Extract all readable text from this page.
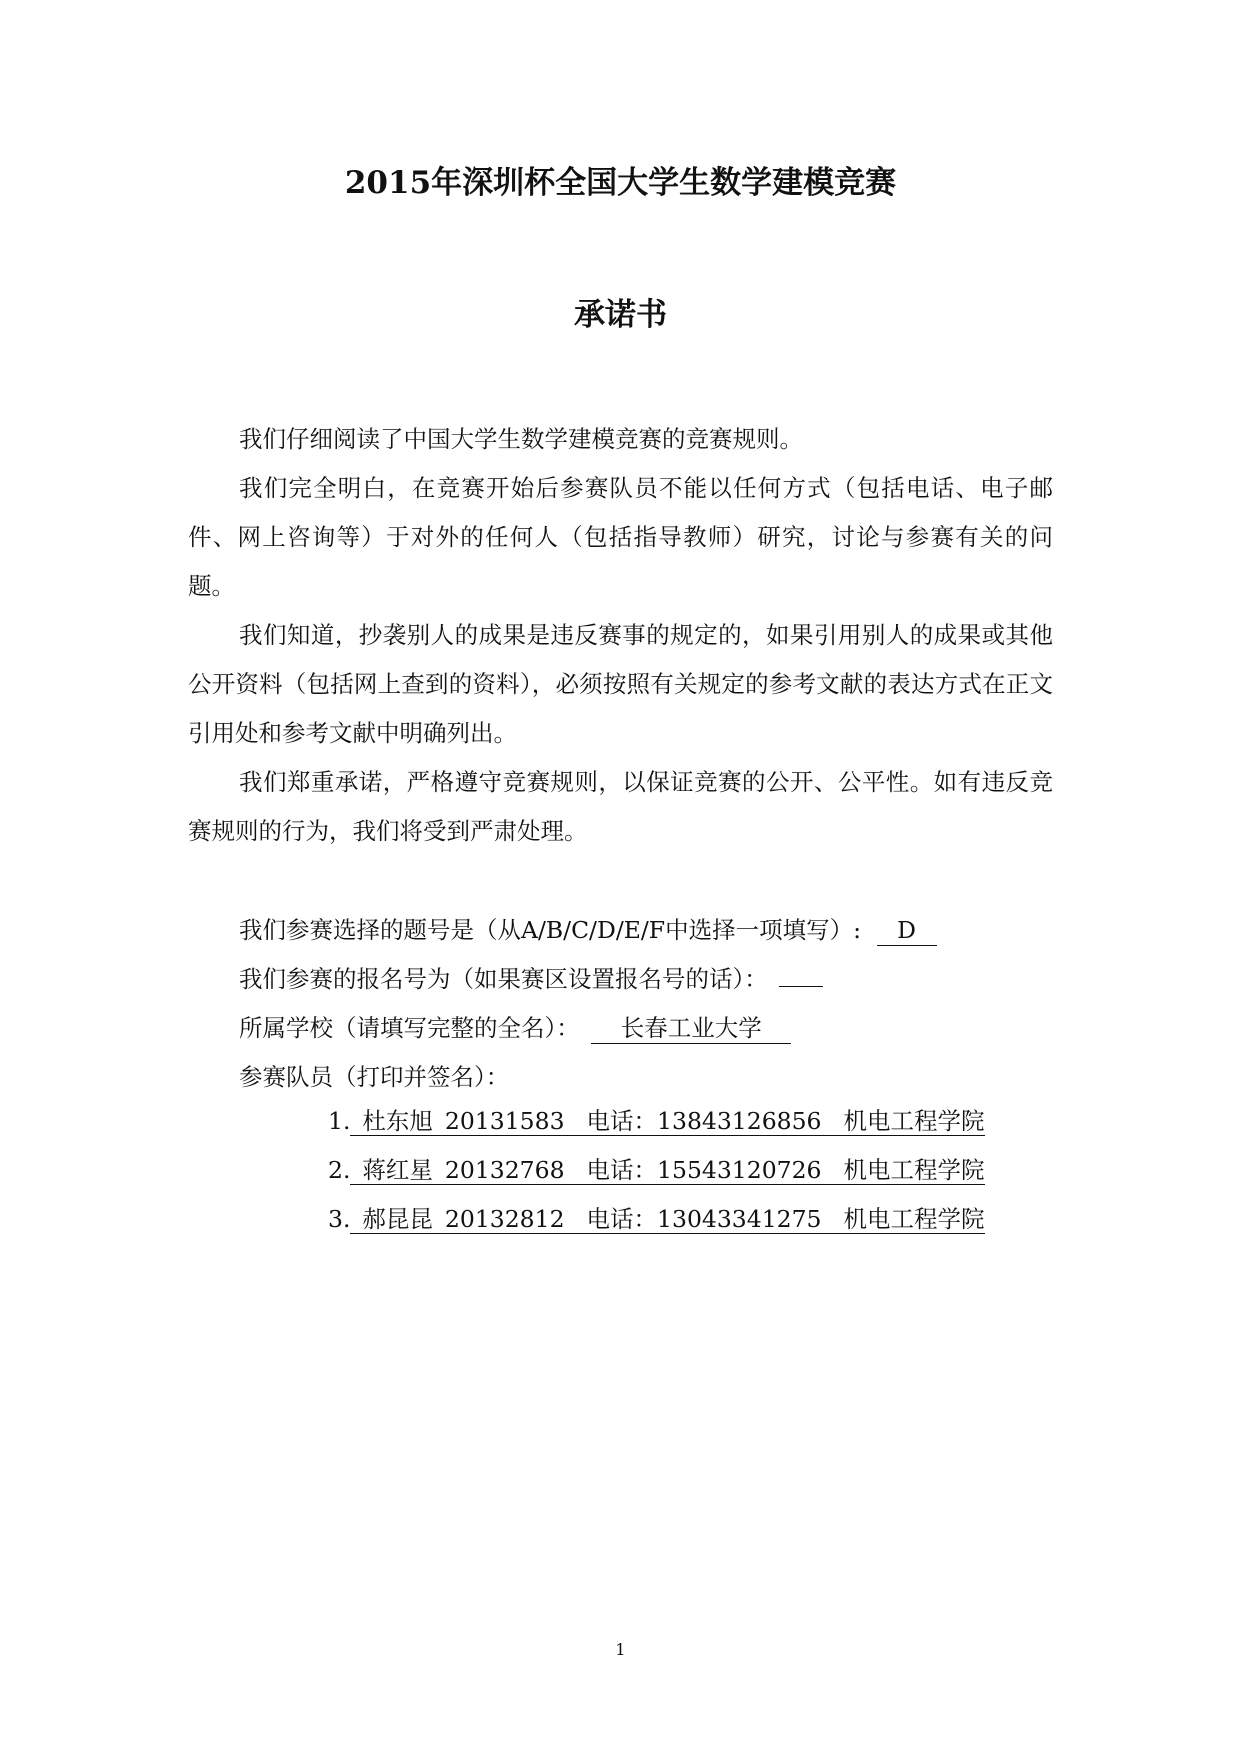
2015年深圳杯全国大学生数学建模竞赛
承诺书

我们仔细阅读了中国大学生数学建模竞赛的竞赛规则。

我们完全明白，在竞赛开始后参赛队员不能以任何方式（包括电话、电子邮件、网上咨询等）于对外的任何人（包括指导教师）研究，讨论与参赛有关的问题。

我们知道，抄袭别人的成果是违反赛事的规定的，如果引用别人的成果或其他公开资料（包括网上查到的资料），必须按照有关规定的参考文献的表达方式在正文引用处和参考文献中明确列出。

我们郑重承诺，严格遵守竞赛规则，以保证竞赛的公开、公平性。如有违反竞赛规则的行为，我们将受到严肃处理。

我们参赛选择的题号是（从A/B/C/D/E/F中选择一项填写）: D
我们参赛的报名号为（如果赛区设置报名号的话）：
所属学校（请填写完整的全名）： 长春工业大学
参赛队员（打印并签名）：
1. 杜东旭 20131583 电话：13843126856 机电工程学院
2. 蒋红星 20132768 电话：15543120726 机电工程学院
3. 郝昆昆 20132812 电话：13043341275 机电工程学院
1
